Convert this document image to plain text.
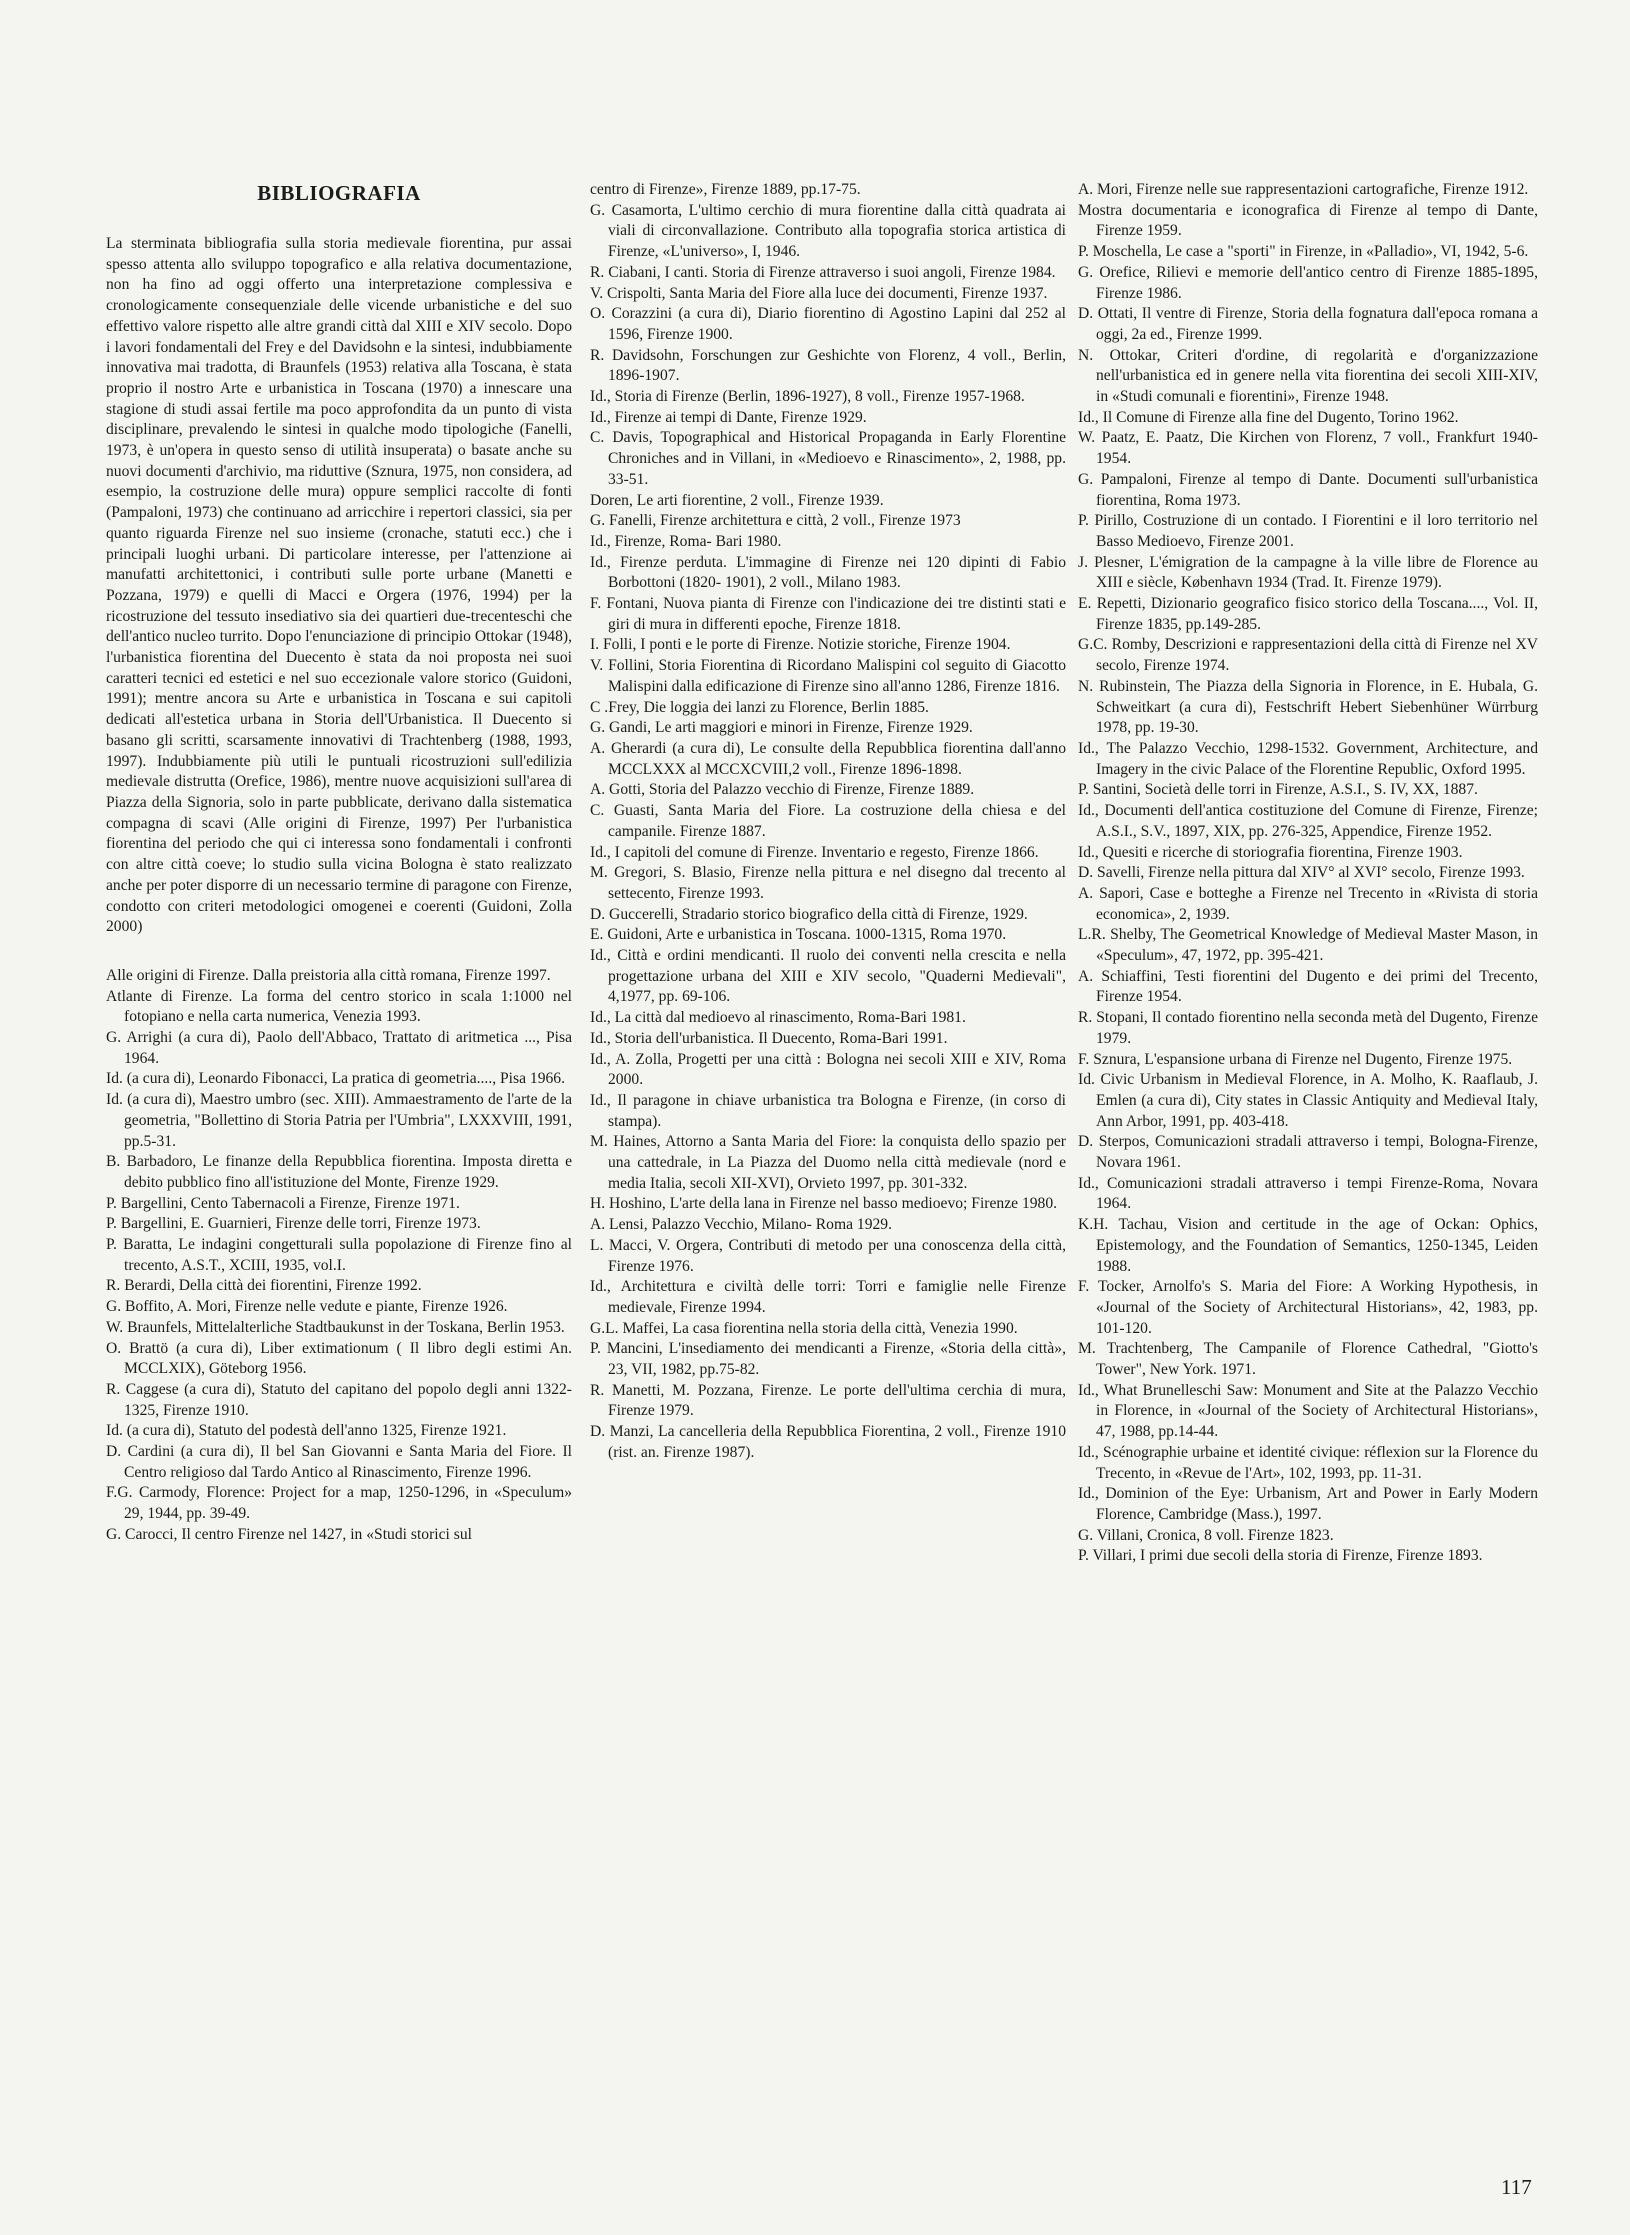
BIBLIOGRAFIA

La sterminata bibliografia sulla storia medievale fiorentina, pur assai spesso attenta allo sviluppo topografico e alla relativa documentazione, non ha fino ad oggi offerto una interpretazione complessiva e cronologicamente consequenziale delle vicende urbanistiche e del suo effettivo valore rispetto alle altre grandi città dal XIII e XIV secolo. Dopo i lavori fondamentali del Frey e del Davidsohn e la sintesi, indubbiamente innovativa mai tradotta, di Braunfels (1953) relativa alla Toscana, è stata proprio il nostro Arte e urbanistica in Toscana (1970) a innescare una stagione di studi assai fertile ma poco approfondita da un punto di vista disciplinare, prevalendo le sintesi in qualche modo tipologiche (Fanelli, 1973, è un'opera in questo senso di utilità insuperata) o basate anche su nuovi documenti d'archivio, ma riduttive (Sznura, 1975, non considera, ad esempio, la costruzione delle mura) oppure semplici raccolte di fonti (Pampaloni, 1973) che continuano ad arricchire i repertori classici, sia per quanto riguarda Firenze nel suo insieme (cronache, statuti ecc.) che i principali luoghi urbani. Di particolare interesse, per l'attenzione ai manufatti architettonici, i contributi sulle porte urbane (Manetti e Pozzana, 1979) e quelli di Macci e Orgera (1976, 1994) per la ricostruzione del tessuto insediativo sia dei quartieri due-trecenteschi che dell'antico nucleo turrito. Dopo l'enunciazione di principio Ottokar (1948), l'urbanistica fiorentina del Duecento è stata da noi proposta nei suoi caratteri tecnici ed estetici e nel suo eccezionale valore storico (Guidoni, 1991); mentre ancora su Arte e urbanistica in Toscana e sui capitoli dedicati all'estetica urbana in Storia dell'Urbanistica. Il Duecento si basano gli scritti, scarsamente innovativi di Trachtenberg (1988, 1993, 1997). Indubbiamente più utili le puntuali ricostruzioni sull'edilizia medievale distrutta (Orefice, 1986), mentre nuove acquisizioni sull'area di Piazza della Signoria, solo in parte pubblicate, derivano dalla sistematica compagna di scavi (Alle origini di Firenze, 1997) Per l'urbanistica fiorentina del periodo che qui ci interessa sono fondamentali i confronti con altre città coeve; lo studio sulla vicina Bologna è stato realizzato anche per poter disporre di un necessario termine di paragone con Firenze, condotto con criteri metodologici omogenei e coerenti (Guidoni, Zolla 2000)

Alle origini di Firenze. Dalla preistoria alla città romana, Firenze 1997.
Atlante di Firenze. La forma del centro storico in scala 1:1000 nel fotopiano e nella carta numerica, Venezia 1993.
G. Arrighi (a cura di), Paolo dell'Abbaco, Trattato di aritmetica ..., Pisa 1964.
Id. (a cura di), Leonardo Fibonacci, La pratica di geometria...., Pisa 1966.
Id. (a cura di), Maestro umbro (sec. XIII). Ammaestramento de l'arte de la geometria, "Bollettino di Storia Patria per l'Umbria", LXXXVIII, 1991, pp.5-31.
B. Barbadoro, Le finanze della Repubblica fiorentina. Imposta diretta e debito pubblico fino all'istituzione del Monte, Firenze 1929.
P. Bargellini, Cento Tabernacoli a Firenze, Firenze 1971.
P. Bargellini, E. Guarnieri, Firenze delle torri, Firenze 1973.
P. Baratta, Le indagini congetturali sulla popolazione di Firenze fino al trecento, A.S.T., XCIII, 1935, vol.I.
R. Berardi, Della città dei fiorentini, Firenze 1992.
G. Boffito, A. Mori, Firenze nelle vedute e piante, Firenze 1926.
W. Braunfels, Mittelalterliche Stadtbaukunst in der Toskana, Berlin 1953.
O. Brattö (a cura di), Liber extimationum ( Il libro degli estimi An. MCCLXIX), Göteborg 1956.
R. Caggese (a cura di), Statuto del capitano del popolo degli anni 1322-1325, Firenze 1910.
Id. (a cura di), Statuto del podestà dell'anno 1325, Firenze 1921.
D. Cardini (a cura di), Il bel San Giovanni e Santa Maria del Fiore. Il Centro religioso dal Tardo Antico al Rinascimento, Firenze 1996.
F.G. Carmody, Florence: Project for a map, 1250-1296, in «Speculum» 29, 1944, pp. 39-49.
G. Carocci, Il centro Firenze nel 1427, in «Studi storici sul
centro di Firenze», Firenze 1889, pp.17-75.
G. Casamorta, L'ultimo cerchio di mura fiorentine dalla città quadrata ai viali di circonvallazione. Contributo alla topografia storica artistica di Firenze, «L'universo», I, 1946.
R. Ciabani, I canti. Storia di Firenze attraverso i suoi angoli, Firenze 1984.
V. Crispolti, Santa Maria del Fiore alla luce dei documenti, Firenze 1937.
O. Corazzini (a cura di), Diario fiorentino di Agostino Lapini dal 252 al 1596, Firenze 1900.
R. Davidsohn, Forschungen zur Geshichte von Florenz, 4 voll., Berlin, 1896-1907.
Id., Storia di Firenze (Berlin, 1896-1927), 8 voll., Firenze 1957-1968.
Id., Firenze ai tempi di Dante, Firenze 1929.
C. Davis, Topographical and Historical Propaganda in Early Florentine Chroniches and in Villani, in «Medioevo e Rinascimento», 2, 1988, pp. 33-51.
Doren, Le arti fiorentine, 2 voll., Firenze 1939.
G. Fanelli, Firenze architettura e città, 2 voll., Firenze 1973
Id., Firenze, Roma- Bari 1980.
Id., Firenze perduta. L'immagine di Firenze nei 120 dipinti di Fabio Borbottoni (1820- 1901), 2 voll., Milano 1983.
F. Fontani, Nuova pianta di Firenze con l'indicazione dei tre distinti stati e giri di mura in differenti epoche, Firenze 1818.
I. Folli, I ponti e le porte di Firenze. Notizie storiche, Firenze 1904.
V. Follini, Storia Fiorentina di Ricordano Malispini col seguito di Giacotto Malispini dalla edificazione di Firenze sino all'anno 1286, Firenze 1816.
C .Frey, Die loggia dei lanzi zu Florence, Berlin 1885.
G. Gandi, Le arti maggiori e minori in Firenze, Firenze 1929.
A. Gherardi (a cura di), Le consulte della Repubblica fiorentina dall'anno MCCLXXX al MCCXCVIII,2 voll., Firenze 1896-1898.
A. Gotti, Storia del Palazzo vecchio di Firenze, Firenze 1889.
C. Guasti, Santa Maria del Fiore. La costruzione della chiesa e del campanile. Firenze 1887.
Id., I capitoli del comune di Firenze. Inventario e regesto, Firenze 1866.
M. Gregori, S. Blasio, Firenze nella pittura e nel disegno dal trecento al settecento, Firenze 1993.
D. Guccerelli, Stradario storico biografico della città di Firenze, 1929.
E. Guidoni, Arte e urbanistica in Toscana. 1000-1315, Roma 1970.
Id., Città e ordini mendicanti. Il ruolo dei conventi nella crescita e nella progettazione urbana del XIII e XIV secolo, "Quaderni Medievali", 4,1977, pp. 69-106.
Id., La città dal medioevo al rinascimento, Roma-Bari 1981.
Id., Storia dell'urbanistica. Il Duecento, Roma-Bari 1991.
Id., A. Zolla, Progetti per una città : Bologna nei secoli XIII e XIV, Roma 2000.
Id., Il paragone in chiave urbanistica tra Bologna e Firenze, (in corso di stampa).
M. Haines, Attorno a Santa Maria del Fiore: la conquista dello spazio per una cattedrale, in La Piazza del Duomo nella città medievale (nord e media Italia, secoli XII-XVI), Orvieto 1997, pp. 301-332.
H. Hoshino, L'arte della lana in Firenze nel basso medioevo; Firenze 1980.
A. Lensi, Palazzo Vecchio, Milano- Roma 1929.
L. Macci, V. Orgera, Contributi di metodo per una conoscenza della città, Firenze 1976.
Id., Architettura e civiltà delle torri: Torri e famiglie nelle Firenze medievale, Firenze 1994.
G.L. Maffei, La casa fiorentina nella storia della città, Venezia 1990.
P. Mancini, L'insediamento dei mendicanti a Firenze, «Storia della città», 23, VII, 1982, pp.75-82.
R. Manetti, M. Pozzana, Firenze. Le porte dell'ultima cerchia di mura, Firenze 1979.
D. Manzi, La cancelleria della Repubblica Fiorentina, 2 voll., Firenze 1910 (rist. an. Firenze 1987).
A. Mori, Firenze nelle sue rappresentazioni cartografiche, Firenze 1912.
Mostra documentaria e iconografica di Firenze al tempo di Dante, Firenze 1959.
P. Moschella, Le case a "sporti" in Firenze, in «Palladio», VI, 1942, 5-6.
G. Orefice, Rilievi e memorie dell'antico centro di Firenze 1885-1895, Firenze 1986.
D. Ottati, Il ventre di Firenze, Storia della fognatura dall'epoca romana a oggi, 2a ed., Firenze 1999.
N. Ottokar, Criteri d'ordine, di regolarità e d'organizzazione nell'urbanistica ed in genere nella vita fiorentina dei secoli XIII-XIV, in «Studi comunali e fiorentini», Firenze 1948.
Id., Il Comune di Firenze alla fine del Dugento, Torino 1962.
W. Paatz, E. Paatz, Die Kirchen von Florenz, 7 voll., Frankfurt 1940-1954.
G. Pampaloni, Firenze al tempo di Dante. Documenti sull'urbanistica fiorentina, Roma 1973.
P. Pirillo, Costruzione di un contado. I Fiorentini e il loro territorio nel Basso Medioevo, Firenze 2001.
J. Plesner, L'émigration de la campagne à la ville libre de Florence au XIII e siècle, København 1934 (Trad. It. Firenze 1979).
E. Repetti, Dizionario geografico fisico storico della Toscana...., Vol. II, Firenze 1835, pp.149-285.
G.C. Romby, Descrizioni e rappresentazioni della città di Firenze nel XV secolo, Firenze 1974.
N. Rubinstein, The Piazza della Signoria in Florence, in E. Hubala, G. Schweitkart (a cura di), Festschrift Hebert Siebenhüner Würrburg 1978, pp. 19-30.
Id., The Palazzo Vecchio, 1298-1532. Government, Architecture, and Imagery in the civic Palace of the Florentine Republic, Oxford 1995.
P. Santini, Società delle torri in Firenze, A.S.I., S. IV, XX, 1887.
Id., Documenti dell'antica costituzione del Comune di Firenze, Firenze; A.S.I., S.V., 1897, XIX, pp. 276-325, Appendice, Firenze 1952.
Id., Quesiti e ricerche di storiografia fiorentina, Firenze 1903.
D. Savelli, Firenze nella pittura dal XIV° al XVI° secolo, Firenze 1993.
A. Sapori, Case e botteghe a Firenze nel Trecento in «Rivista di storia economica», 2, 1939.
L.R. Shelby, The Geometrical Knowledge of Medieval Master Mason, in «Speculum», 47, 1972, pp. 395-421.
A. Schiaffini, Testi fiorentini del Dugento e dei primi del Trecento, Firenze 1954.
R. Stopani, Il contado fiorentino nella seconda metà del Dugento, Firenze 1979.
F. Sznura, L'espansione urbana di Firenze nel Dugento, Firenze 1975.
Id. Civic Urbanism in Medieval Florence, in A. Molho, K. Raaflaub, J. Emlen (a cura di), City states in Classic Antiquity and Medieval Italy, Ann Arbor, 1991, pp. 403-418.
D. Sterpos, Comunicazioni stradali attraverso i tempi, Bologna-Firenze, Novara 1961.
Id., Comunicazioni stradali attraverso i tempi Firenze-Roma, Novara 1964.
K.H. Tachau, Vision and certitude in the age of Ockan: Ophics, Epistemology, and the Foundation of Semantics, 1250-1345, Leiden 1988.
F. Tocker, Arnolfo's S. Maria del Fiore: A Working Hypothesis, in «Journal of the Society of Architectural Historians», 42, 1983, pp. 101-120.
M. Trachtenberg, The Campanile of Florence Cathedral, "Giotto's Tower", New York. 1971.
Id., What Brunelleschi Saw: Monument and Site at the Palazzo Vecchio in Florence, in «Journal of the Society of Architectural Historians», 47, 1988, pp.14-44.
Id., Scénographie urbaine et identité civique: réflexion sur la Florence du Trecento, in «Revue de l'Art», 102, 1993, pp. 11-31.
Id., Dominion of the Eye: Urbanism, Art and Power in Early Modern Florence, Cambridge (Mass.), 1997.
G. Villani, Cronica, 8 voll. Firenze 1823.
P. Villari, I primi due secoli della storia di Firenze, Firenze 1893.
117
